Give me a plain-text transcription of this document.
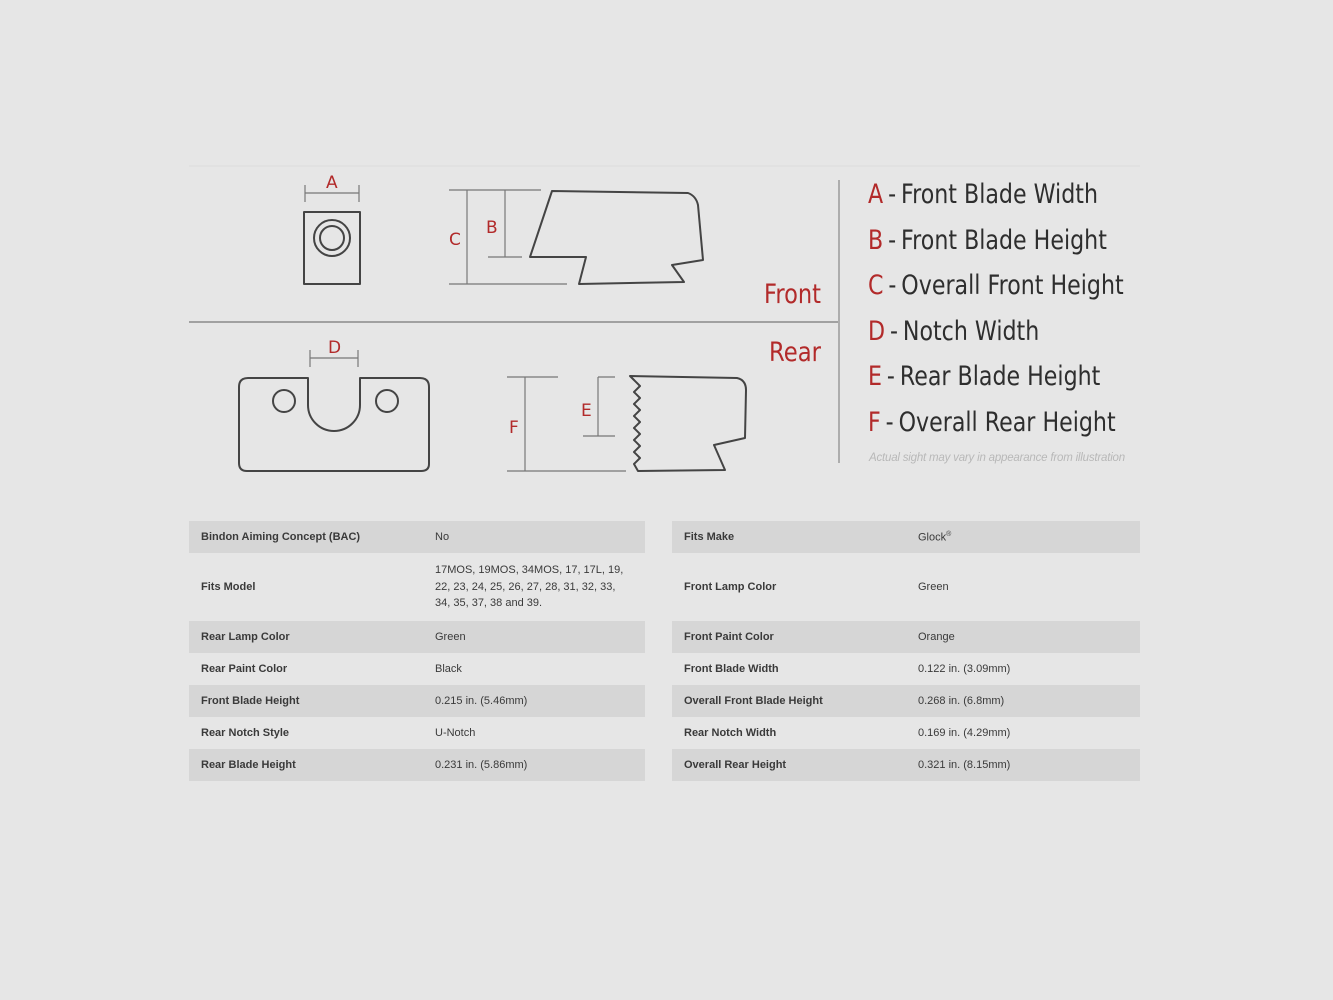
A
C
B
D
F
E
Front
Rear
A - Front Blade Width
B - Front Blade Height
C - Overall Front Height
D - Notch Width
E - Rear Blade Height
F - Overall Rear Height
Actual sight may vary in appearance from illustration
Bindon Aiming Concept (BAC)	No
Fits Model	17MOS, 19MOS, 34MOS, 17, 17L, 19, 22, 23, 24, 25, 26, 27, 28, 31, 32, 33, 34, 35, 37, 38 and 39.
Rear Lamp Color	Green
Rear Paint Color	Black
Front Blade Height	0.215 in. (5.46mm)
Rear Notch Style	U-Notch
Rear Blade Height	0.231 in. (5.86mm)
Fits Make	Glock®
Front Lamp Color	Green
Front Paint Color	Orange
Front Blade Width	0.122 in. (3.09mm)
Overall Front Blade Height	0.268 in. (6.8mm)
Rear Notch Width	0.169 in. (4.29mm)
Overall Rear Height	0.321 in. (8.15mm)
